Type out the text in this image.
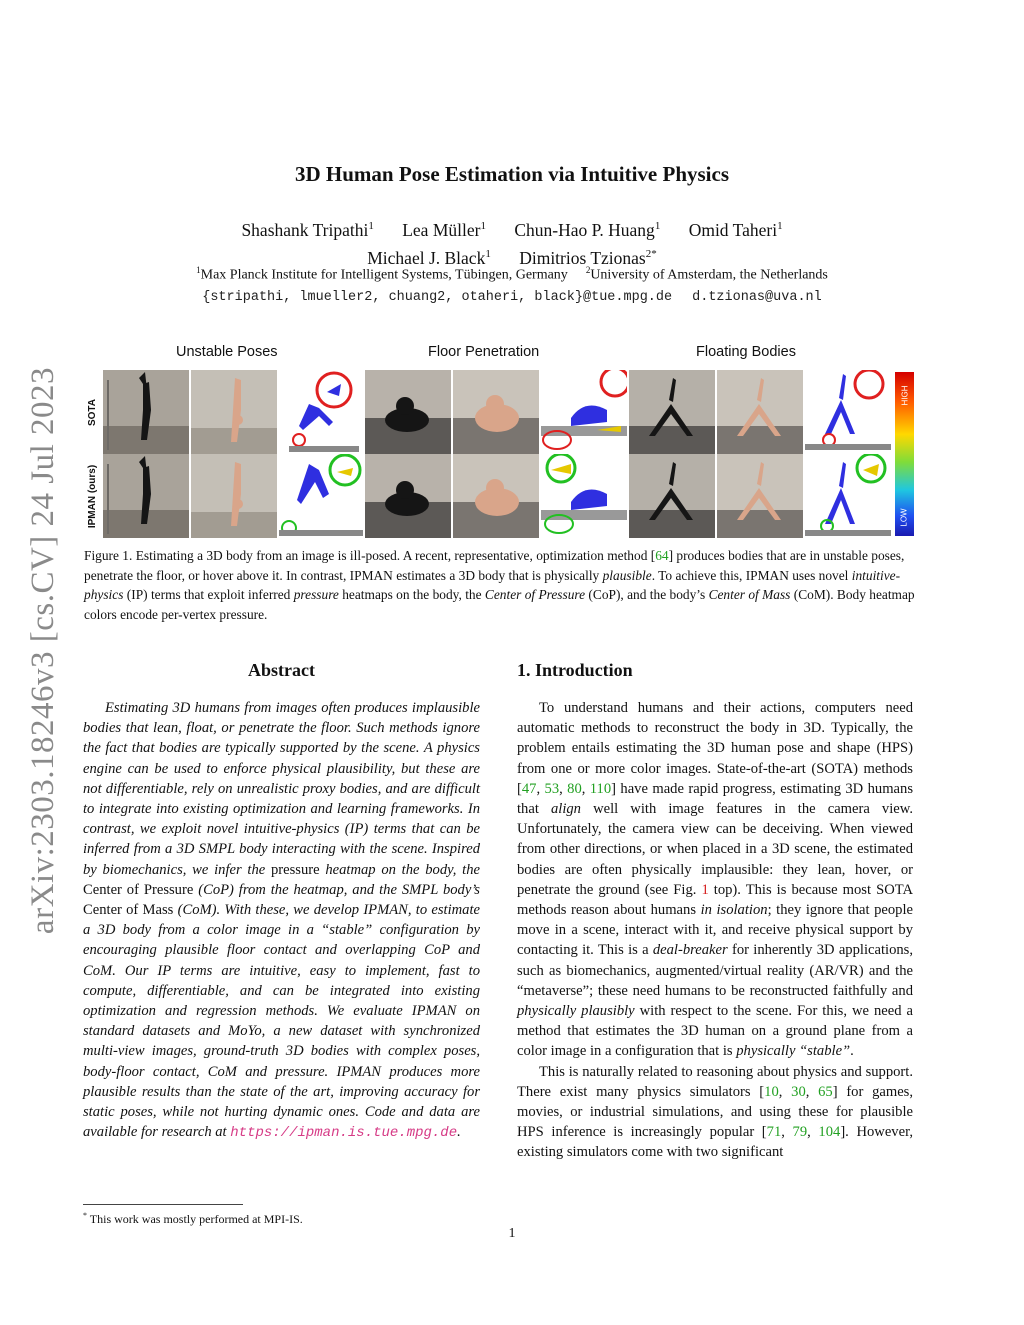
arXiv:2303.18246v3 [cs.CV] 24 Jul 2023
3D Human Pose Estimation via Intuitive Physics
Shashank Tripathi$^1$ Lea Müller$^1$ Chun-Hao P. Huang$^1$ Omid Taheri$^1$
Michael J. Black$^1$ Dimitrios Tzionas$^{2*}$
$^1$Max Planck Institute for Intelligent Systems, Tübingen, Germany $^2$University of Amsterdam, the Netherlands
{stripathi, lmueller2, chuang2, otaheri, black}@tue.mpg.de d.tzionas@uva.nl
Unstable Poses	Floor Penetration	Floating Bodies
SOTA
IPMAN (ours)
HIGH
LOW
Figure 1. Estimating a 3D body from an image is ill-posed. A recent, representative, optimization method [64] produces bodies that are in unstable poses, penetrate the floor, or hover above it. In contrast, IPMAN estimates a 3D body that is physically plausible. To achieve this, IPMAN uses novel intuitive-physics (IP) terms that exploit inferred pressure heatmaps on the body, the Center of Pressure (CoP), and the body’s Center of Mass (CoM). Body heatmap colors encode per-vertex pressure.
Abstract

Estimating 3D humans from images often produces implausible bodies that lean, float, or penetrate the floor. Such methods ignore the fact that bodies are typically supported by the scene. A physics engine can be used to enforce physical plausibility, but these are not differentiable, rely on unrealistic proxy bodies, and are difficult to integrate into existing optimization and learning frameworks. In contrast, we exploit novel intuitive-physics (IP) terms that can be inferred from a 3D SMPL body interacting with the scene. Inspired by biomechanics, we infer the pressure heatmap on the body, the Center of Pressure (CoP) from the heatmap, and the SMPL body’s Center of Mass (CoM). With these, we develop IPMAN, to estimate a 3D body from a color image in a “stable” configuration by encouraging plausible floor contact and overlapping CoP and CoM. Our IP terms are intuitive, easy to implement, fast to compute, differentiable, and can be integrated into existing optimization and regression methods. We evaluate IPMAN on standard datasets and MoYo, a new dataset with synchronized multi-view images, ground-truth 3D bodies with complex poses, body-floor contact, CoM and pressure. IPMAN produces more plausible results than the state of the art, improving accuracy for static poses, while not hurting dynamic ones. Code and data are available for research at https://ipman.is.tue.mpg.de.

1. Introduction

To understand humans and their actions, computers need automatic methods to reconstruct the body in 3D. Typically, the problem entails estimating the 3D human pose and shape (HPS) from one or more color images. State-of-the-art (SOTA) methods [47, 53, 80, 110] have made rapid progress, estimating 3D humans that align well with image features in the camera view. Unfortunately, the camera view can be deceiving. When viewed from other directions, or when placed in a 3D scene, the estimated bodies are often physically implausible: they lean, hover, or penetrate the ground (see Fig. 1 top). This is because most SOTA methods reason about humans in isolation; they ignore that people move in a scene, interact with it, and receive physical support by contacting it. This is a deal-breaker for inherently 3D applications, such as biomechanics, augmented/virtual reality (AR/VR) and the “metaverse”; these need humans to be reconstructed faithfully and physically plausibly with respect to the scene. For this, we need a method that estimates the 3D human on a ground plane from a color image in a configuration that is physically “stable”.

This is naturally related to reasoning about physics and support. There exist many physics simulators [10, 30, 65] for games, movies, or industrial simulations, and using these for plausible HPS inference is increasingly popular [71, 79, 104]. However, existing simulators come with two significant

* This work was mostly performed at MPI-IS.
1
